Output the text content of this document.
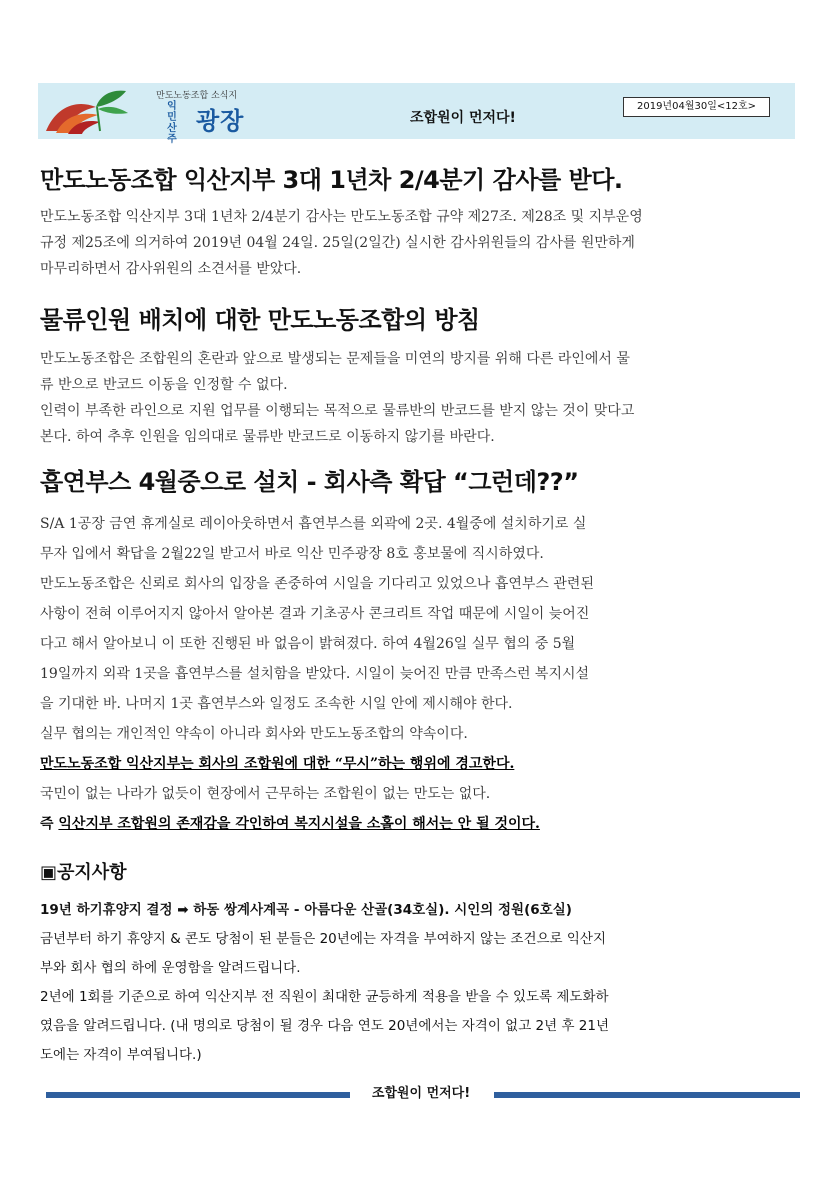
만도노동조합 소식지
익 민 산 주
광장	조합원이 먼저다!
2019년04월30일<12호>
만도노동조합 익산지부 3대 1년차 2/4분기 감사를 받다.
만도노동조합 익산지부 3대 1년차 2/4분기 감사는 만도노동조합 규약 제27조. 제28조 및 지부운영
규정 제25조에 의거하여 2019년 04월 24일. 25일(2일간) 실시한 감사위원들의 감사를 원만하게
마무리하면서 감사위원의 소견서를 받았다.
물류인원 배치에 대한 만도노동조합의 방침
만도노동조합은 조합원의 혼란과 앞으로 발생되는 문제들을 미연의 방지를 위해 다른 라인에서 물
류 반으로 반코드 이동을 인정할 수 없다.
인력이 부족한 라인으로 지원 업무를 이행되는 목적으로 물류반의 반코드를 받지 않는 것이 맞다고
본다. 하여 추후 인원을 임의대로 물류반 반코드로 이동하지 않기를 바란다.
흡연부스 4월중으로 설치 - 회사측 확답 “그런데??”
S/A 1공장 금연 휴게실로 레이아웃하면서 흡연부스를 외곽에 2곳. 4월중에 설치하기로 실
무자 입에서 확답을 2월22일 받고서 바로 익산 민주광장 8호 홍보물에 직시하였다.
만도노동조합은 신뢰로 회사의 입장을 존중하여 시일을 기다리고 있었으나 흡연부스 관련된
사항이 전혀 이루어지지 않아서 알아본 결과 기초공사 콘크리트 작업 때문에 시일이 늦어진
다고 해서 알아보니 이 또한 진행된 바 없음이 밝혀졌다. 하여 4월26일 실무 협의 중 5월
19일까지 외곽 1곳을 흡연부스를 설치함을 받았다. 시일이 늦어진 만큼 만족스런 복지시설
을 기대한 바. 나머지 1곳 흡연부스와 일정도 조속한 시일 안에 제시해야 한다.
실무 협의는 개인적인 약속이 아니라 회사와 만도노동조합의 약속이다.
만도노동조합 익산지부는 회사의 조합원에 대한 “무시”하는 행위에 경고한다.
국민이 없는 나라가 없듯이 현장에서 근무하는 조합원이 없는 만도는 없다.
즉 익산지부 조합원의 존재감을 각인하여 복지시설을 소홀이 해서는 안 될 것이다.
▣공지사항
19년 하기휴양지 결정 ➡ 하동 쌍계사계곡 - 아름다운 산골(34호실). 시인의 정원(6호실)
금년부터 하기 휴양지 & 콘도 당첨이 된 분들은 20년에는 자격을 부여하지 않는 조건으로 익산지
부와 회사 협의 하에 운영함을 알려드립니다.
2년에 1회를 기준으로 하여 익산지부 전 직원이 최대한 균등하게 적용을 받을 수 있도록 제도화하
였음을 알려드립니다. (내 명의로 당첨이 될 경우 다음 연도 20년에서는 자격이 없고 2년 후 21년
도에는 자격이 부여됩니다.)
조합원이 먼저다!
